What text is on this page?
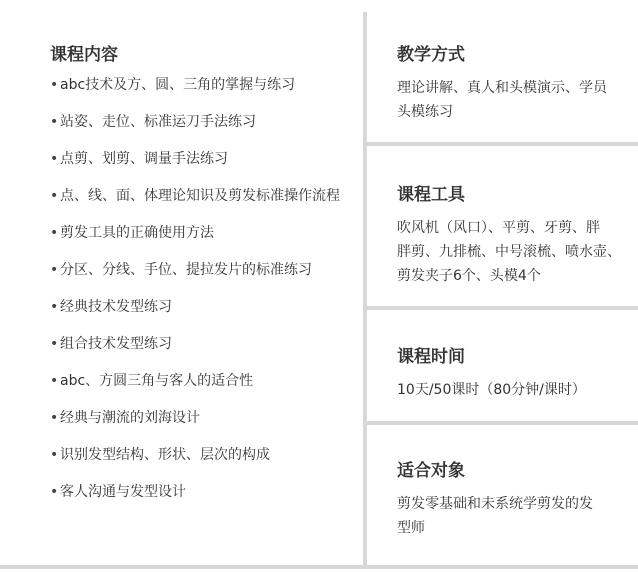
课程内容
• abc技术及方、圆、三角的掌握与练习
• 站姿、走位、标准运刀手法练习
• 点剪、划剪、调量手法练习
• 点、线、面、体理论知识及剪发标准操作流程
• 剪发工具的正确使用方法
• 分区、分线、手位、提拉发片的标准练习
• 经典技术发型练习
• 组合技术发型练习
• abc、方圆三角与客人的适合性
• 经典与潮流的刘海设计
• 识别发型结构、形状、层次的构成
• 客人沟通与发型设计
教学方式
理论讲解、真人和头模演示、学员
头模练习
课程工具
吹风机（风口）、平剪、牙剪、胖
胖剪、九排梳、中号滚梳、喷水壶、
剪发夹子6个、头模4个
课程时间
10天/50课时（80分钟/课时）
适合对象
剪发零基础和未系统学剪发的发
型师
